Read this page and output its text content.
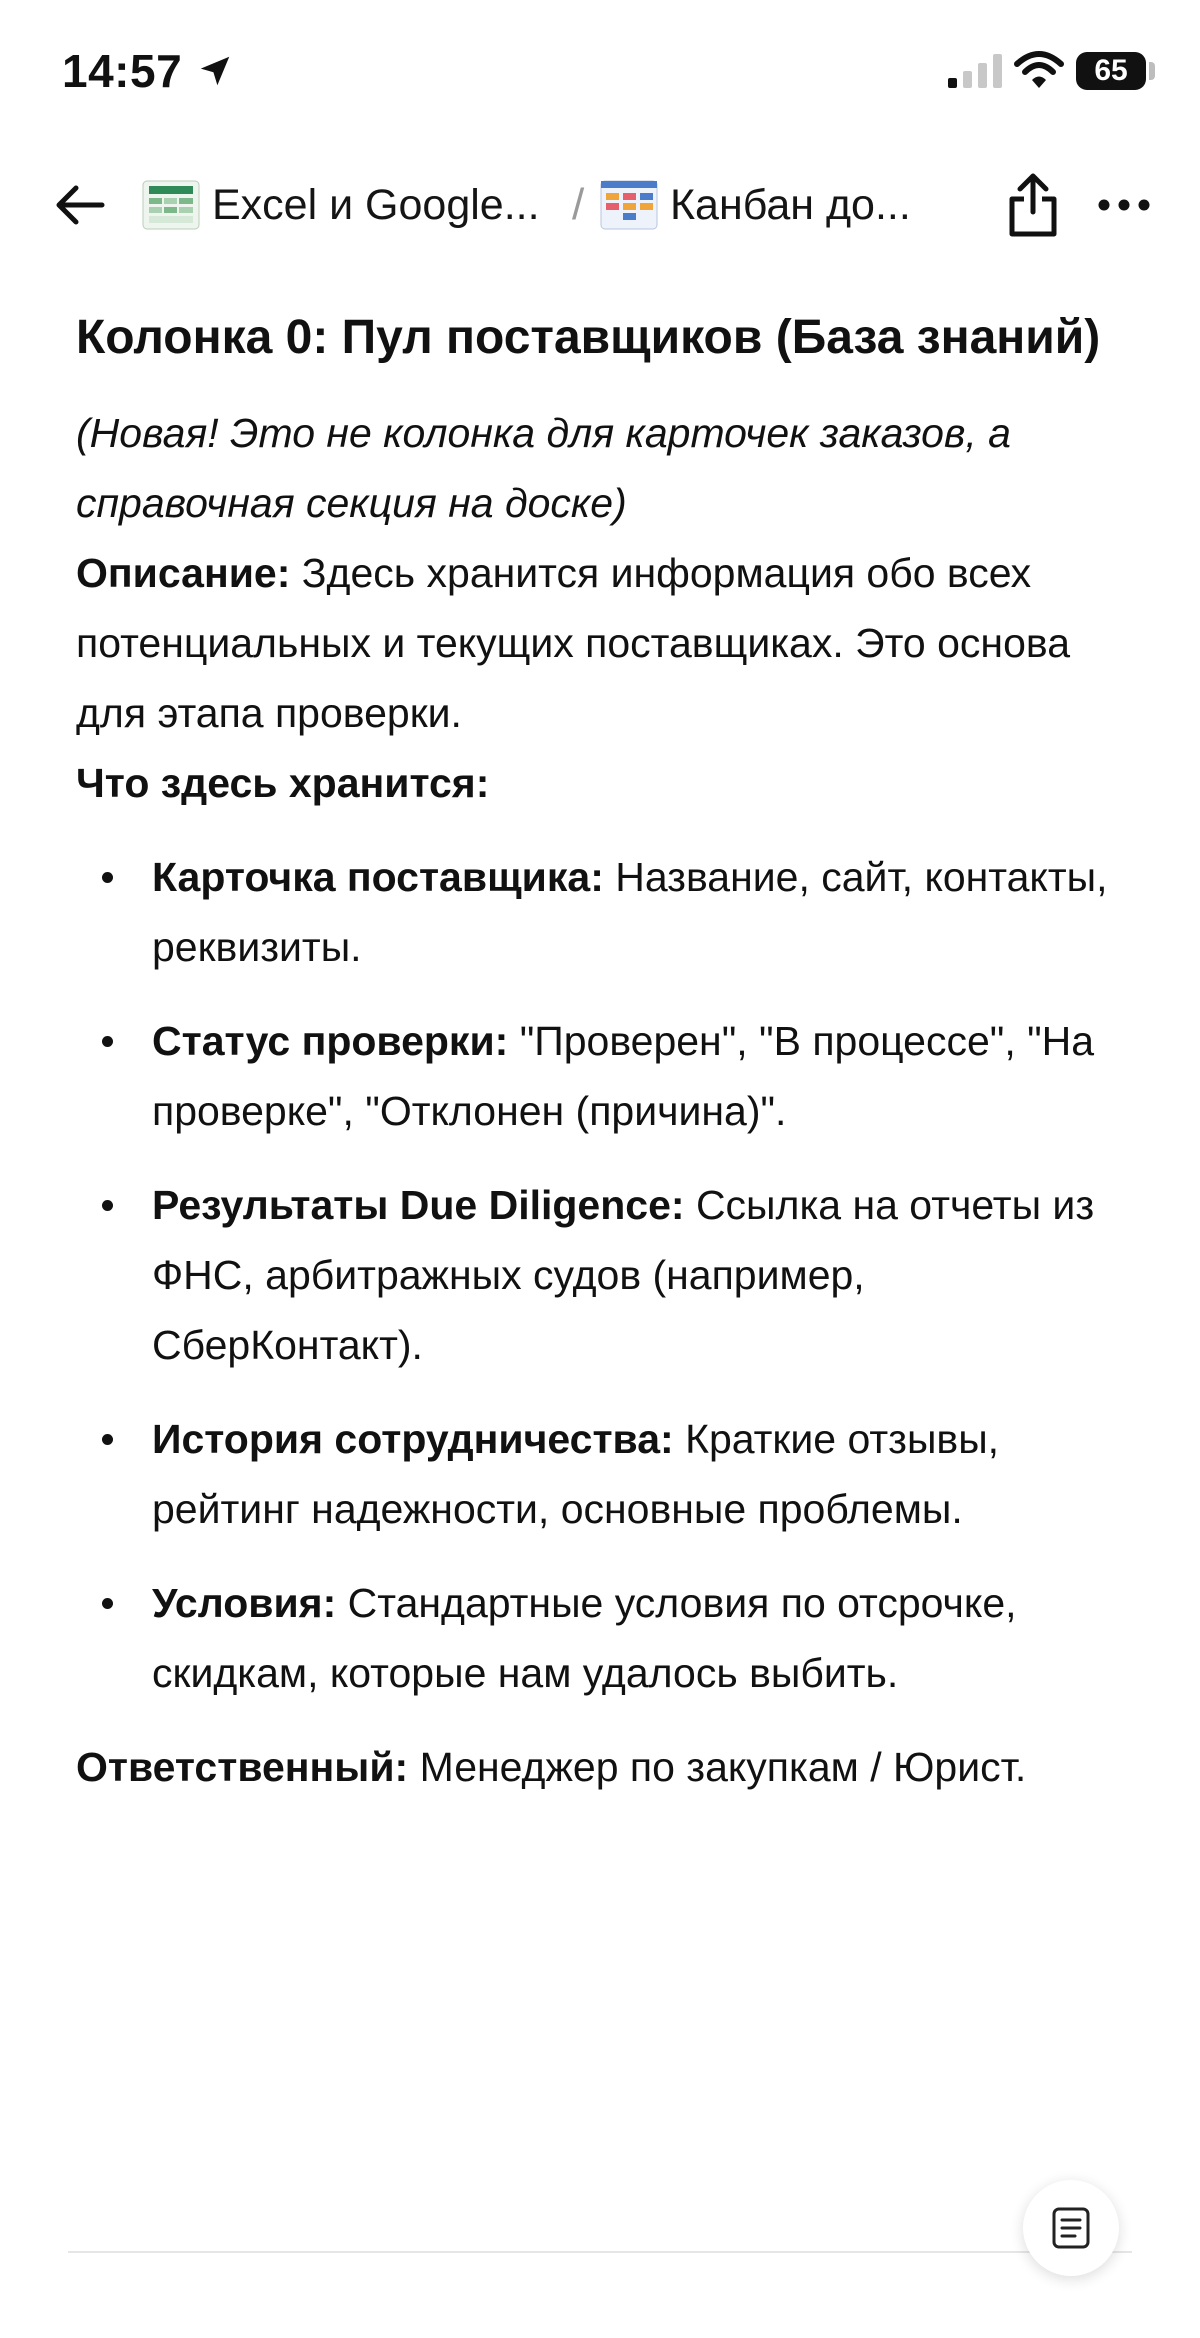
14:57	65
Excel и Google... / Канбан до...
Колонка 0: Пул поставщиков (База знаний)

(Новая! Это не колонка для карточек заказов, а справочная секция на доске)

Описание: Здесь хранится информация обо всех потенциальных и текущих поставщиках. Это основа для этапа проверки.

Что здесь хранится:

Карточка поставщика: Название, сайт, контакты, реквизиты.
Статус проверки: "Проверен", "В процессе", "На проверке", "Отклонен (причина)".
Результаты Due Diligence: Ссылка на отчеты из ФНС, арбитражных судов (например, СберКонтакт).
История сотрудничества: Краткие отзывы, рейтинг надежности, основные проблемы.
Условия: Стандартные условия по отсрочке, скидкам, которые нам удалось выбить.

Ответственный: Менеджер по закупкам / Юрист.
